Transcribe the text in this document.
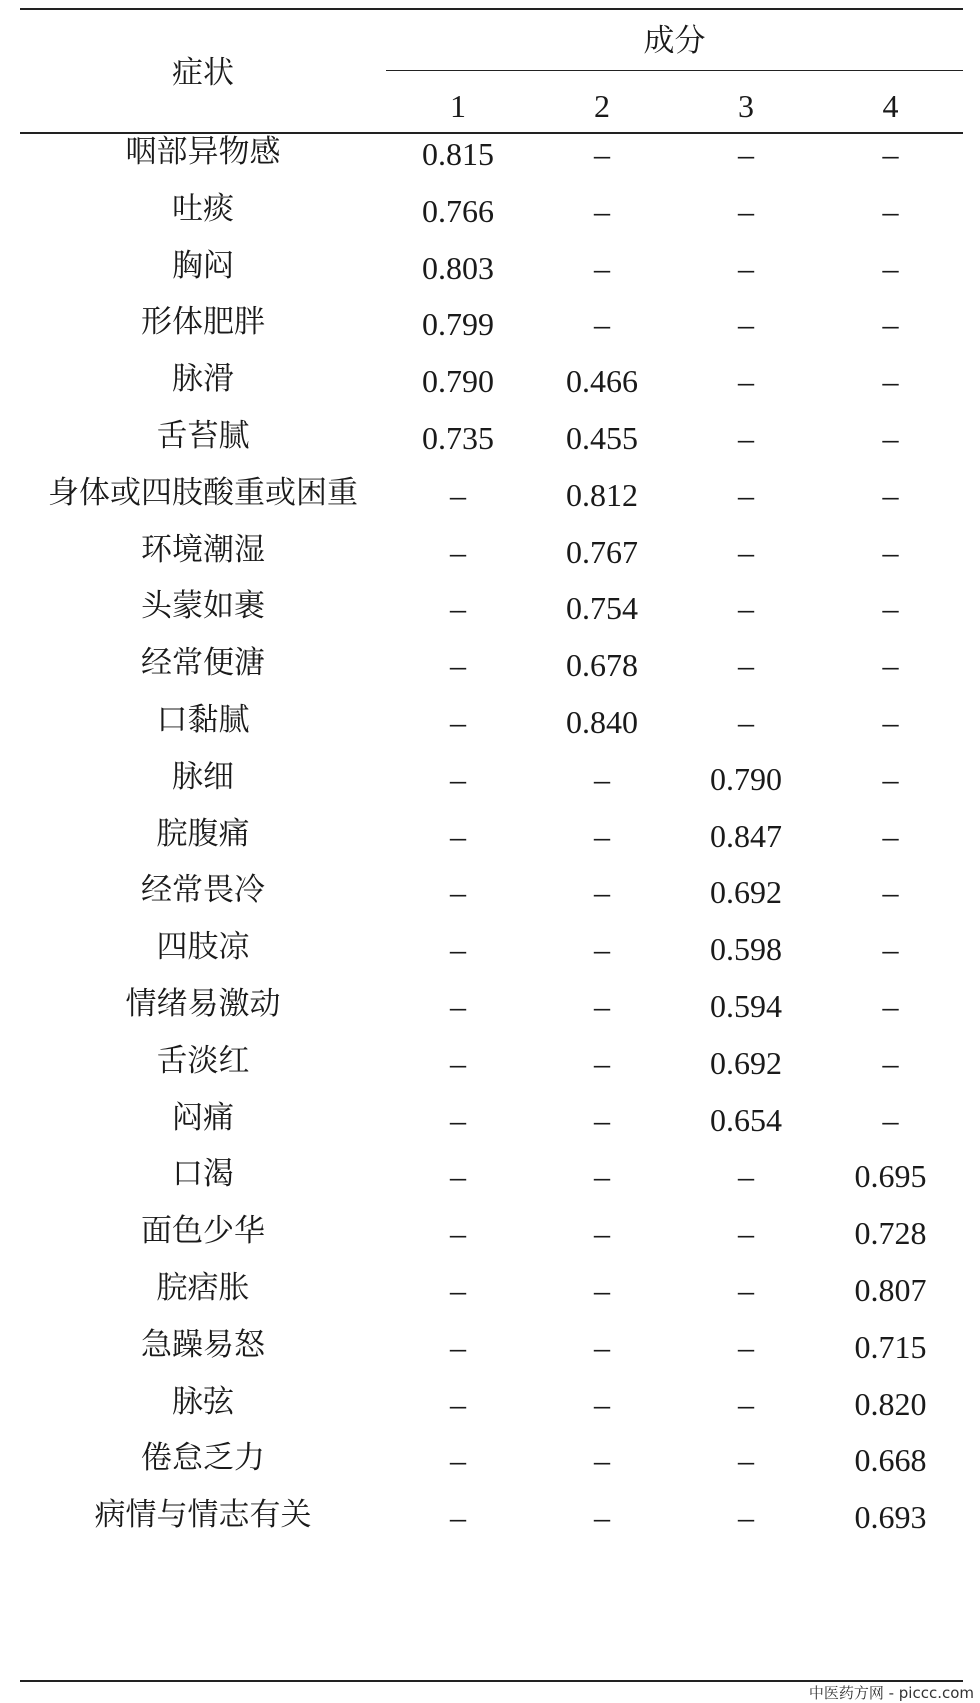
症状
成分
1	2	3	4
咽部异物感	0.815	–	–	–
吐痰	0.766	–	–	–
胸闷	0.803	–	–	–
形体肥胖	0.799	–	–	–
脉滑	0.790	0.466	–	–
舌苔腻	0.735	0.455	–	–
身体或四肢酸重或困重	–	0.812	–	–
环境潮湿	–	0.767	–	–
头蒙如裹	–	0.754	–	–
经常便溏	–	0.678	–	–
口黏腻	–	0.840	–	–
脉细	–	–	0.790	–
脘腹痛	–	–	0.847	–
经常畏冷	–	–	0.692	–
四肢凉	–	–	0.598	–
情绪易激动	–	–	0.594	–
舌淡红	–	–	0.692	–
闷痛	–	–	0.654	–
口渴	–	–	–	0.695
面色少华	–	–	–	0.728
脘痞胀	–	–	–	0.807
急躁易怒	–	–	–	0.715
脉弦	–	–	–	0.820
倦怠乏力	–	–	–	0.668
病情与情志有关	–	–	–	0.693
中医药方网 - piccc.com
